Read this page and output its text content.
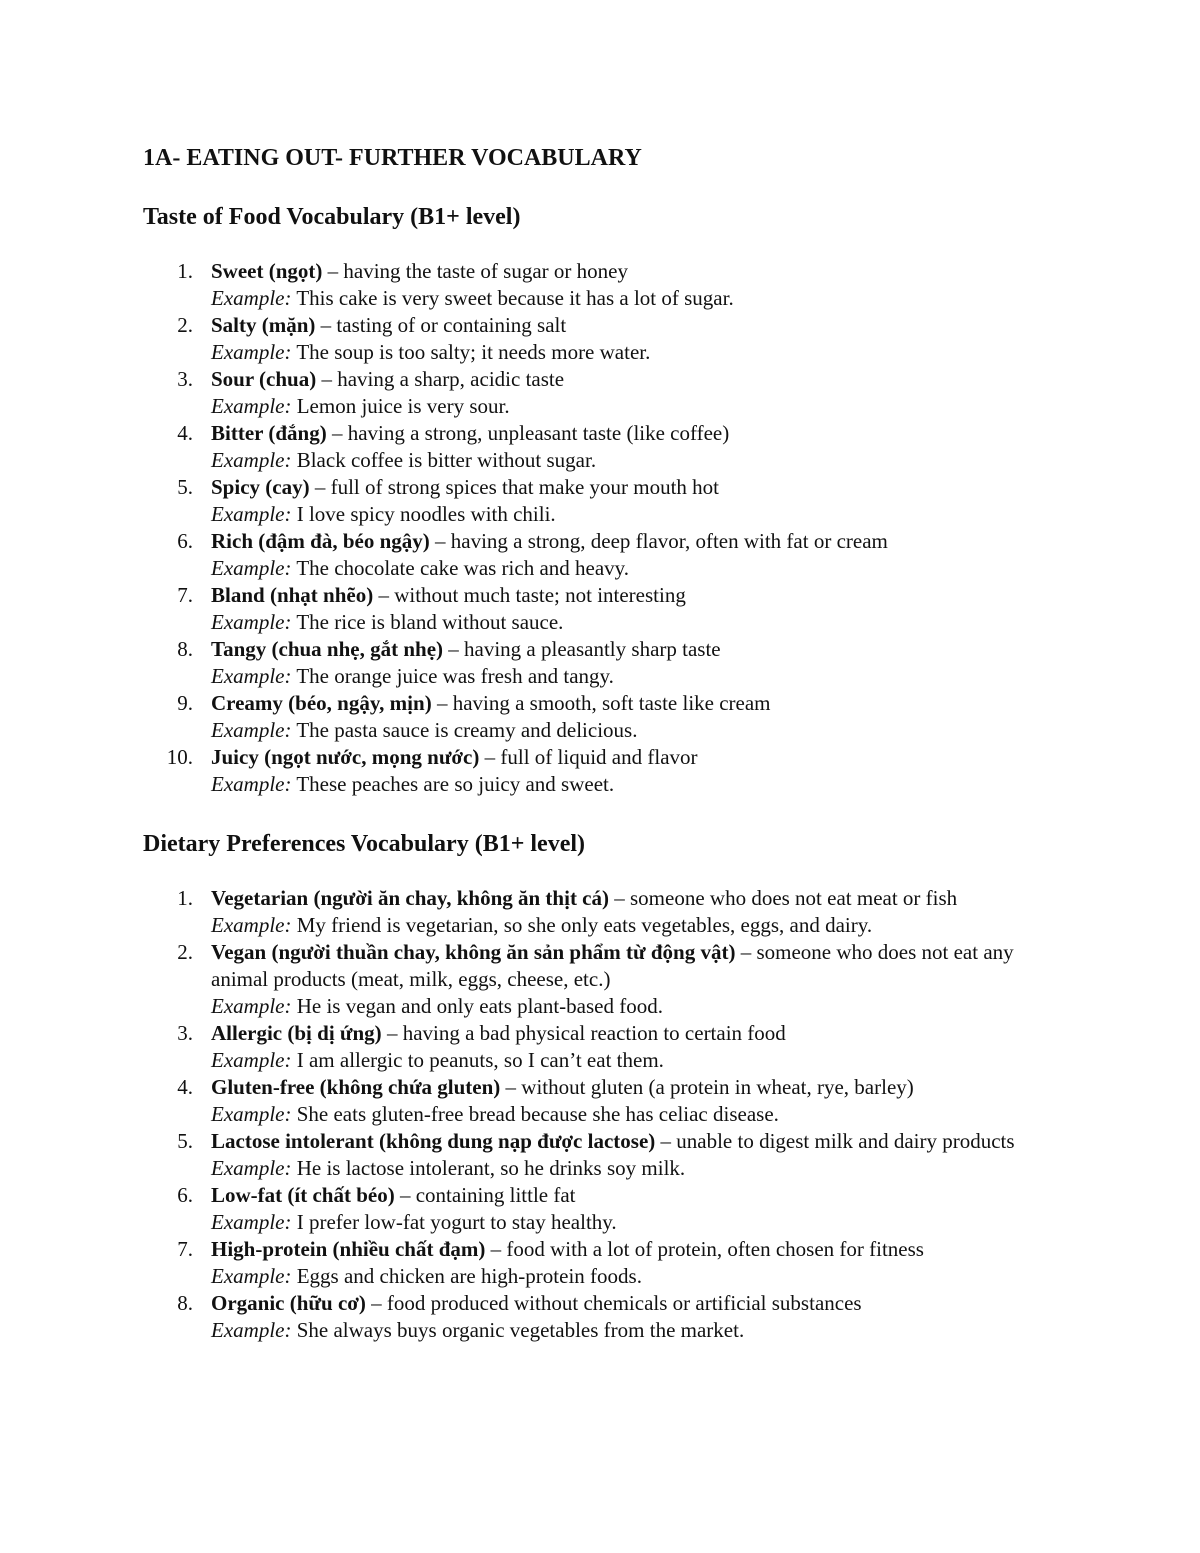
1A- EATING OUT- FURTHER VOCABULARY
Taste of Food Vocabulary (B1+ level)
1. Sweet (ngọt) – having the taste of sugar or honey
Example: This cake is very sweet because it has a lot of sugar.
2. Salty (mặn) – tasting of or containing salt
Example: The soup is too salty; it needs more water.
3. Sour (chua) – having a sharp, acidic taste
Example: Lemon juice is very sour.
4. Bitter (đắng) – having a strong, unpleasant taste (like coffee)
Example: Black coffee is bitter without sugar.
5. Spicy (cay) – full of strong spices that make your mouth hot
Example: I love spicy noodles with chili.
6. Rich (đậm đà, béo ngậy) – having a strong, deep flavor, often with fat or cream
Example: The chocolate cake was rich and heavy.
7. Bland (nhạt nhẽo) – without much taste; not interesting
Example: The rice is bland without sauce.
8. Tangy (chua nhẹ, gắt nhẹ) – having a pleasantly sharp taste
Example: The orange juice was fresh and tangy.
9. Creamy (béo, ngậy, mịn) – having a smooth, soft taste like cream
Example: The pasta sauce is creamy and delicious.
10. Juicy (ngọt nước, mọng nước) – full of liquid and flavor
Example: These peaches are so juicy and sweet.
Dietary Preferences Vocabulary (B1+ level)
1. Vegetarian (người ăn chay, không ăn thịt cá) – someone who does not eat meat or fish
Example: My friend is vegetarian, so she only eats vegetables, eggs, and dairy.
2. Vegan (người thuần chay, không ăn sản phẩm từ động vật) – someone who does not eat any animal products (meat, milk, eggs, cheese, etc.)
Example: He is vegan and only eats plant-based food.
3. Allergic (bị dị ứng) – having a bad physical reaction to certain food
Example: I am allergic to peanuts, so I can’t eat them.
4. Gluten-free (không chứa gluten) – without gluten (a protein in wheat, rye, barley)
Example: She eats gluten-free bread because she has celiac disease.
5. Lactose intolerant (không dung nạp được lactose) – unable to digest milk and dairy products
Example: He is lactose intolerant, so he drinks soy milk.
6. Low-fat (ít chất béo) – containing little fat
Example: I prefer low-fat yogurt to stay healthy.
7. High-protein (nhiều chất đạm) – food with a lot of protein, often chosen for fitness
Example: Eggs and chicken are high-protein foods.
8. Organic (hữu cơ) – food produced without chemicals or artificial substances
Example: She always buys organic vegetables from the market.
